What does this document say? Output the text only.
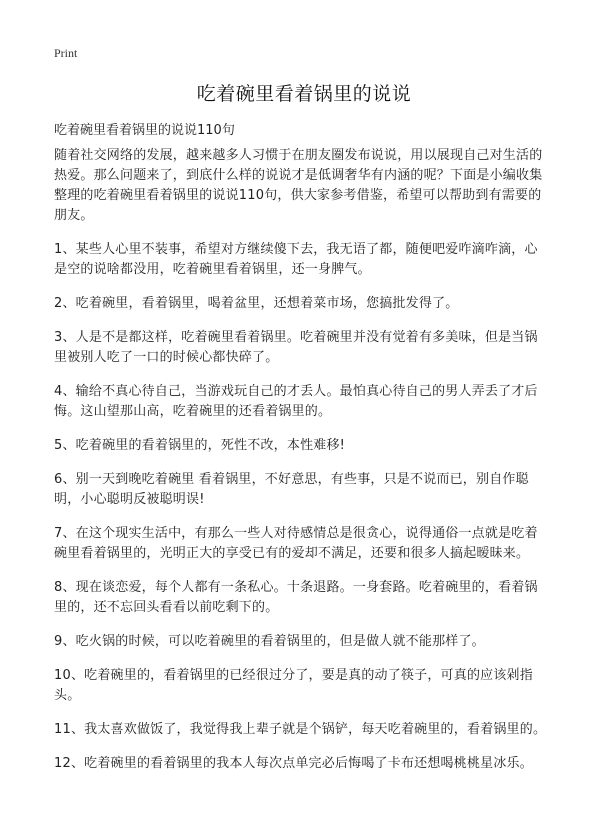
Print
吃着碗里看着锅里的说说

吃着碗里看着锅里的说说110句

随着社交网络的发展，越来越多人习惯于在朋友圈发布说说，用以展现自己对生活的热爱。那么问题来了，到底什么样的说说才是低调奢华有内涵的呢？下面是小编收集整理的吃着碗里看着锅里的说说110句，供大家参考借鉴，希望可以帮助到有需要的朋友。

1、某些人心里不装事，希望对方继续傻下去，我无语了都，随便吧爱咋滴咋滴，心是空的说啥都没用，吃着碗里看着锅里，还一身脾气。

2、吃着碗里，看着锅里，喝着盆里，还想着菜市场，您搞批发得了。

3、人是不是都这样，吃着碗里看着锅里。吃着碗里并没有觉着有多美味，但是当锅里被别人吃了一口的时候心都快碎了。

4、输给不真心待自己，当游戏玩自己的才丢人。最怕真心待自己的男人弄丢了才后悔。这山望那山高，吃着碗里的还看着锅里的。

5、吃着碗里的看着锅里的，死性不改，本性难移!

6、别一天到晚吃着碗里 看着锅里，不好意思，有些事，只是不说而已，别自作聪明，小心聪明反被聪明误!

7、在这个现实生活中，有那么一些人对待感情总是很贪心，说得通俗一点就是吃着碗里看着锅里的，光明正大的享受已有的爱却不满足，还要和很多人搞起暧昧来。

8、现在谈恋爱，每个人都有一条私心。十条退路。一身套路。吃着碗里的，看着锅里的，还不忘回头看看以前吃剩下的。

9、吃火锅的时候，可以吃着碗里的看着锅里的，但是做人就不能那样了。

10、吃着碗里的，看着锅里的已经很过分了，要是真的动了筷子，可真的应该剁指头。

11、我太喜欢做饭了，我觉得我上辈子就是个锅铲，每天吃着碗里的，看着锅里的。

12、吃着碗里的看着锅里的我本人每次点单完必后悔喝了卡布还想喝桃桃星冰乐。
